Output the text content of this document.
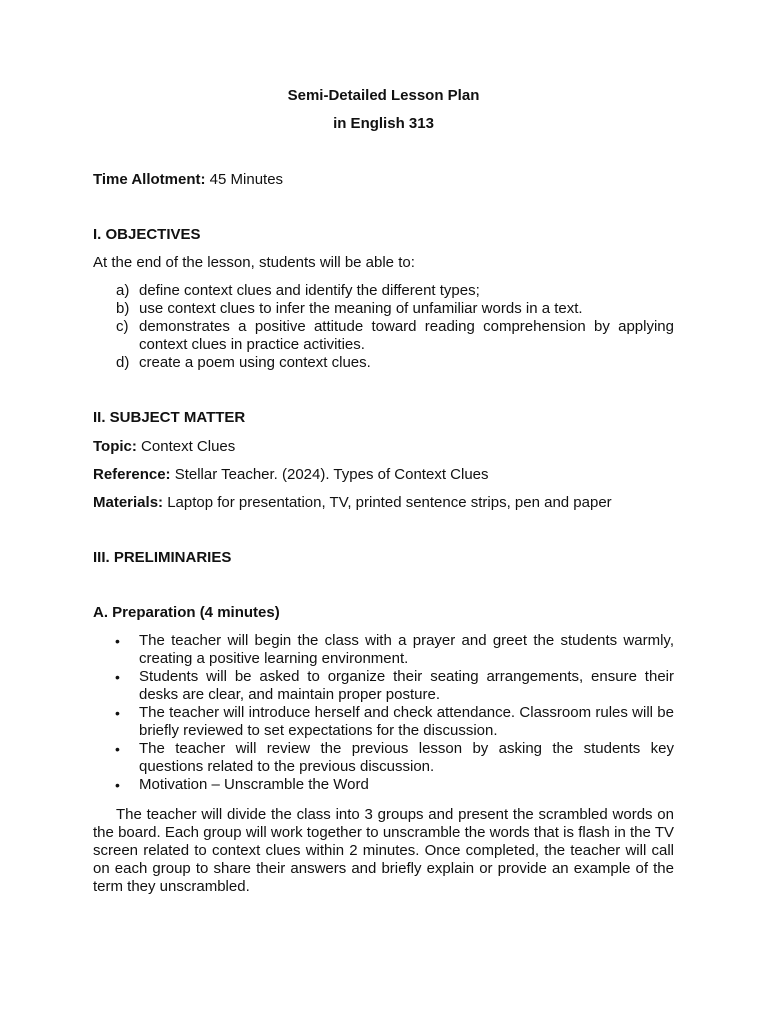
Semi-Detailed Lesson Plan
in English 313
Time Allotment: 45 Minutes
I. OBJECTIVES
At the end of the lesson, students will be able to:
a) define context clues and identify the different types;
b) use context clues to infer the meaning of unfamiliar words in a text.
c) demonstrates a positive attitude toward reading comprehension by applying context clues in practice activities.
d) create a poem using context clues.
II. SUBJECT MATTER
Topic: Context Clues
Reference: Stellar Teacher. (2024). Types of Context Clues
Materials: Laptop for presentation, TV, printed sentence strips, pen and paper
III. PRELIMINARIES
A. Preparation (4 minutes)
• The teacher will begin the class with a prayer and greet the students warmly, creating a positive learning environment.
• Students will be asked to organize their seating arrangements, ensure their desks are clear, and maintain proper posture.
• The teacher will introduce herself and check attendance. Classroom rules will be briefly reviewed to set expectations for the discussion.
• The teacher will review the previous lesson by asking the students key questions related to the previous discussion.
• Motivation – Unscramble the Word
The teacher will divide the class into 3 groups and present the scrambled words on the board. Each group will work together to unscramble the words that is flash in the TV screen related to context clues within 2 minutes. Once completed, the teacher will call on each group to share their answers and briefly explain or provide an example of the term they unscrambled.
